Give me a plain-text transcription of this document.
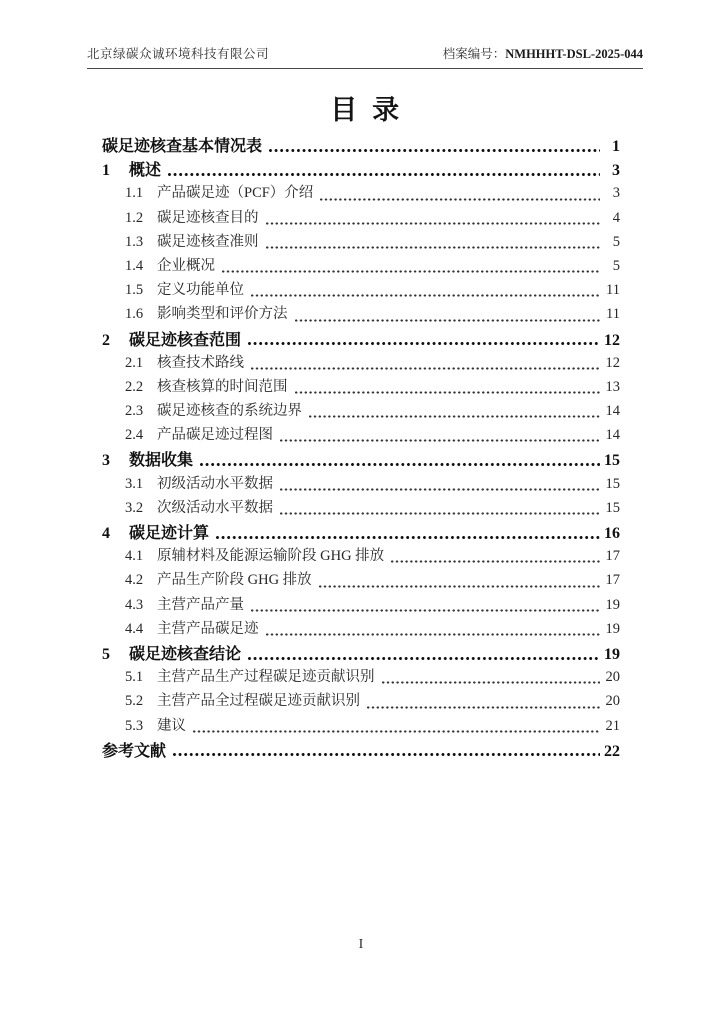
北京绿碳众诚环境科技有限公司	档案编号：NMHHHT-DSL-2025-044
目录
碳足迹核查基本情况表	1
1	概述	3
1.1 产品碳足迹（PCF）介绍	3
1.2 碳足迹核查目的	4
1.3 碳足迹核查准则	5
1.4 企业概况	5
1.5 定义功能单位	11
1.6 影响类型和评价方法	11
2	碳足迹核查范围	12
2.1 核查技术路线	12
2.2 核查核算的时间范围	13
2.3 碳足迹核查的系统边界	14
2.4 产品碳足迹过程图	14
3	数据收集	15
3.1 初级活动水平数据	15
3.2 次级活动水平数据	15
4	碳足迹计算	16
4.1 原辅材料及能源运输阶段 GHG 排放	17
4.2 产品生产阶段 GHG 排放	17
4.3 主营产品产量	19
4.4 主营产品碳足迹	19
5	碳足迹核查结论	19
5.1 主营产品生产过程碳足迹贡献识别	20
5.2 主营产品全过程碳足迹贡献识别	20
5.3 建议	21
参考文献	22
I
